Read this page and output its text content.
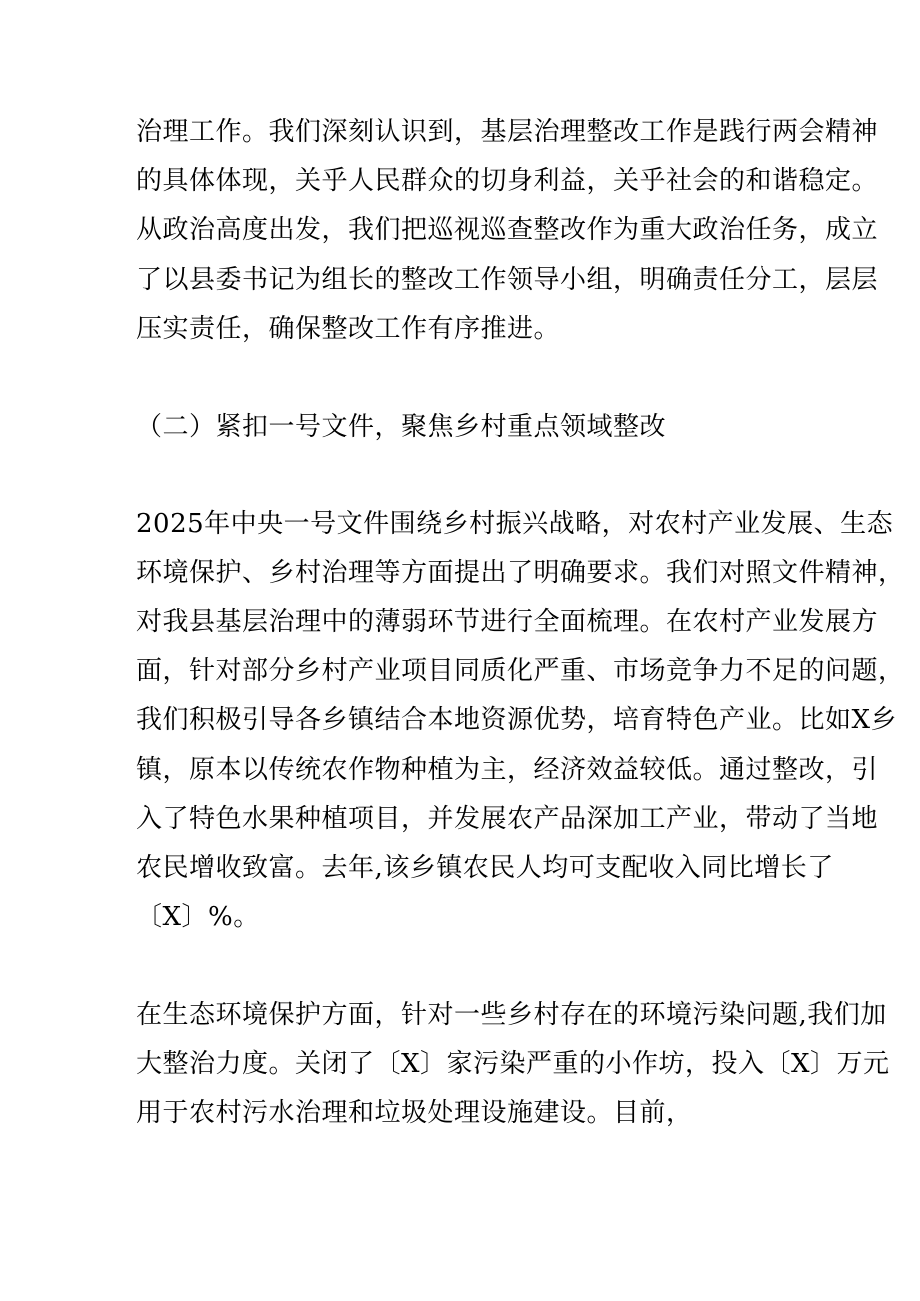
治理工作。我们深刻认识到，基层治理整改工作是践行两会精神
的具体体现，关乎人民群众的切身利益，关乎社会的和谐稳定。
从政治高度出发，我们把巡视巡查整改作为重大政治任务，成立
了以县委书记为组长的整改工作领导小组，明确责任分工，层层
压实责任，确保整改工作有序推进。
（二）紧扣一号文件，聚焦乡村重点领域整改
2025年中央一号文件围绕乡村振兴战略，对农村产业发展、生态
环境保护、乡村治理等方面提出了明确要求。我们对照文件精神，
对我县基层治理中的薄弱环节进行全面梳理。在农村产业发展方
面，针对部分乡村产业项目同质化严重、市场竞争力不足的问题，
我们积极引导各乡镇结合本地资源优势，培育特色产业。比如X乡
镇，原本以传统农作物种植为主，经济效益较低。通过整改，引
入了特色水果种植项目，并发展农产品深加工产业，带动了当地
农民增收致富。去年,该乡镇农民人均可支配收入同比增长了
〔X〕%。
在生态环境保护方面，针对一些乡村存在的环境污染问题,我们加
大整治力度。关闭了〔X〕家污染严重的小作坊，投入〔X〕万元
用于农村污水治理和垃圾处理设施建设。目前，
